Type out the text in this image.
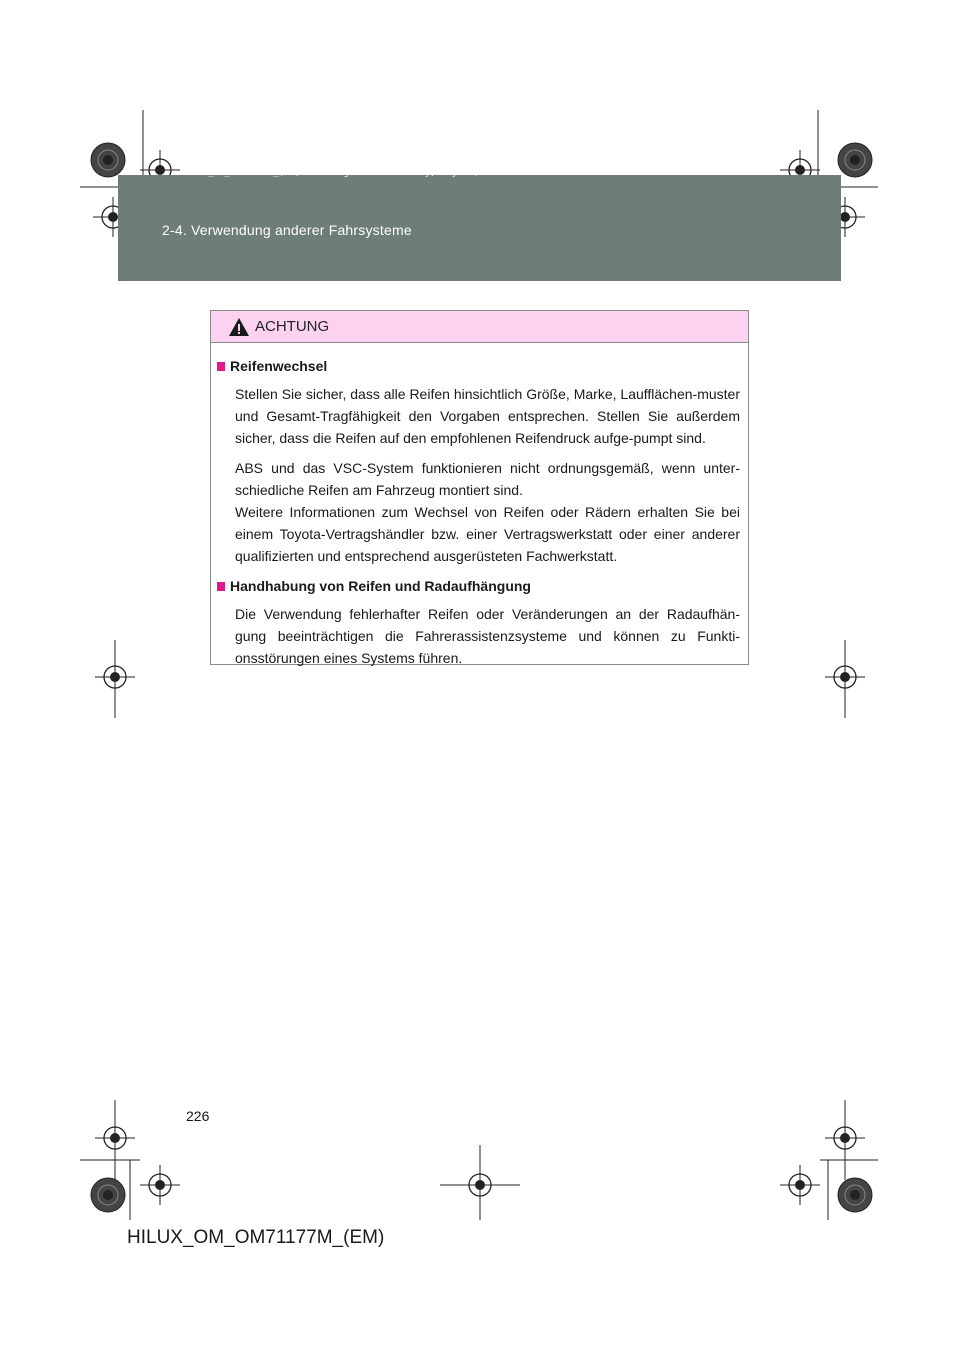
HILUX_OM_OM71177M_(EM).book Page 226 Wednesday, May 16, 2012 1:28 PM
2-4. Verwendung anderer Fahrsysteme
ACHTUNG
Reifenwechsel

Stellen Sie sicher, dass alle Reifen hinsichtlich Größe, Marke, Laufflächen-muster und Gesamt-Tragfähigkeit den Vorgaben entsprechen. Stellen Sie außerdem sicher, dass die Reifen auf den empfohlenen Reifendruck aufge-pumpt sind.

ABS und das VSC-System funktionieren nicht ordnungsgemäß, wenn unter-schiedliche Reifen am Fahrzeug montiert sind.

Weitere Informationen zum Wechsel von Reifen oder Rädern erhalten Sie bei einem Toyota-Vertragshändler bzw. einer Vertragswerkstatt oder einer anderer qualifizierten und entsprechend ausgerüsteten Fachwerkstatt.

Handhabung von Reifen und Radaufhängung

Die Verwendung fehlerhafter Reifen oder Veränderungen an der Radaufhän-gung beeinträchtigen die Fahrerassistenzsysteme und können zu Funkti-onsstörungen eines Systems führen.

226
HILUX_OM_OM71177M_(EM)
